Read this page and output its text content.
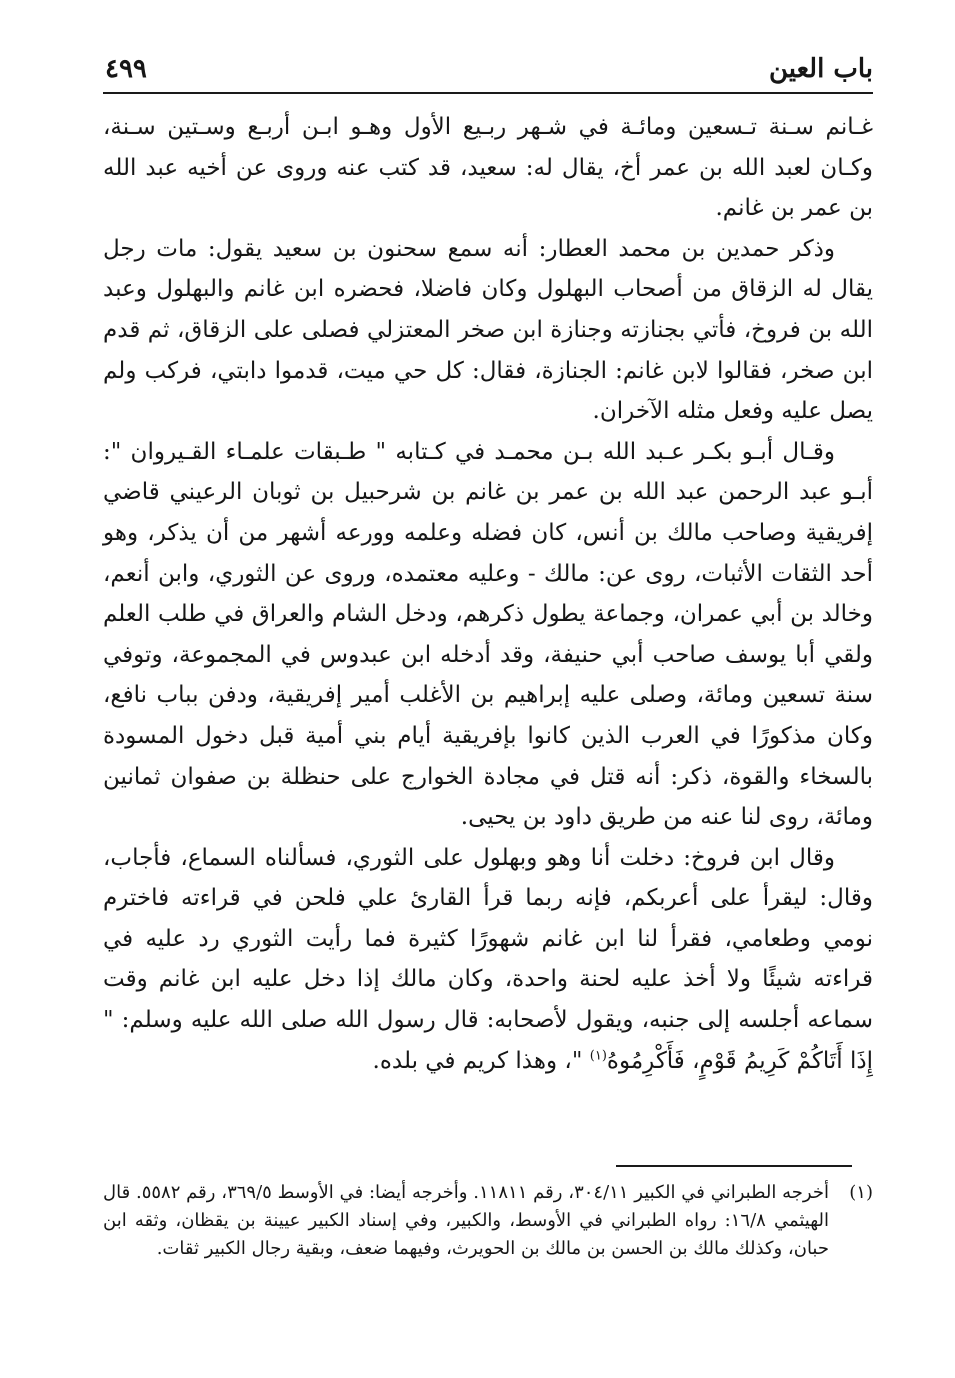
باب العين
٤٩٩

غـانم سـنة تـسعين ومائـة في شـهر ربـيع الأول وهـو ابـن أربـع وسـتين سـنة، وكـان لعبد الله بن عمر أخ، يقال له: سعيد، قد كتب عنه وروى عن أخيه عبد الله بن عمر بن غانم.

وذكر حمدين بن محمد العطار: أنه سمع سحنون بن سعيد يقول: مات رجل يقال له الزقاق من أصحاب البهلول وكان فاضلا، فحضره ابن غانم والبهلول وعبد الله بن فروخ، فأتي بجنازته وجنازة ابن صخر المعتزلي فصلى على الزقاق، ثم قدم ابن صخر، فقالوا لابن غانم: الجنازة، فقال: كل حي ميت، قدموا دابتي، فركب ولم يصل عليه وفعل مثله الآخران.

وقـال أبـو بكـر عـبد الله بـن محمـد في كـتابه " طـبقات علمـاء القـيروان ": أبـو عبد الرحمن عبد الله بن عمر بن غانم بن شرحبيل بن ثوبان الرعيني قاضي إفريقية وصاحب مالك بن أنس، كان فضله وعلمه وورعه أشهر من أن يذكر، وهو أحد الثقات الأثبات، روى عن: مالك - وعليه معتمده، وروى عن الثوري، وابن أنعم، وخالد بن أبي عمران، وجماعة يطول ذكرهم، ودخل الشام والعراق في طلب العلم ولقي أبا يوسف صاحب أبي حنيفة، وقد أدخله ابن عبدوس في المجموعة، وتوفي سنة تسعين ومائة، وصلى عليه إبراهيم بن الأغلب أمير إفريقية، ودفن بباب نافع، وكان مذكورًا في العرب الذين كانوا بإفريقية أيام بني أمية قبل دخول المسودة بالسخاء والقوة، ذكر: أنه قتل في مجادة الخوارج على حنظلة بن صفوان ثمانين ومائة، روى لنا عنه من طريق داود بن يحيى.

وقال ابن فروخ: دخلت أنا وهو وبهلول على الثوري، فسألناه السماع، فأجاب، وقال: ليقرأ على أعربكم، فإنه ربما قرأ القارئ علي فلحن في قراءته فاخترم نومي وطعامي، فقرأ لنا ابن غانم شهورًا كثيرة فما رأيت الثوري رد عليه في قراءته شيئًا ولا أخذ عليه لحنة واحدة، وكان مالك إذا دخل عليه ابن غانم وقت سماعه أجلسه إلى جنبه، ويقول لأصحابه: قال رسول الله صلى الله عليه وسلم: " إِذَا أَتَاكُمْ كَرِيمُ قَوْمٍ، فَأَكْرِمُوهُ$^{(١)}$ "، وهذا كريم في بلده.

(١)
أخرجه الطبراني في الكبير ٣٠٤/١١، رقم ١١٨١١. وأخرجه أيضا: في الأوسط ٣٦٩/٥، رقم ٥٥٨٢. قال الهيثمي ١٦/٨: رواه الطبراني في الأوسط، والكبير، وفي إسناد الكبير عيينة بن يقظان، وثقه ابن حبان، وكذلك مالك بن الحسن بن مالك بن الحويرث، وفيهما ضعف، وبقية رجال الكبير ثقات.
